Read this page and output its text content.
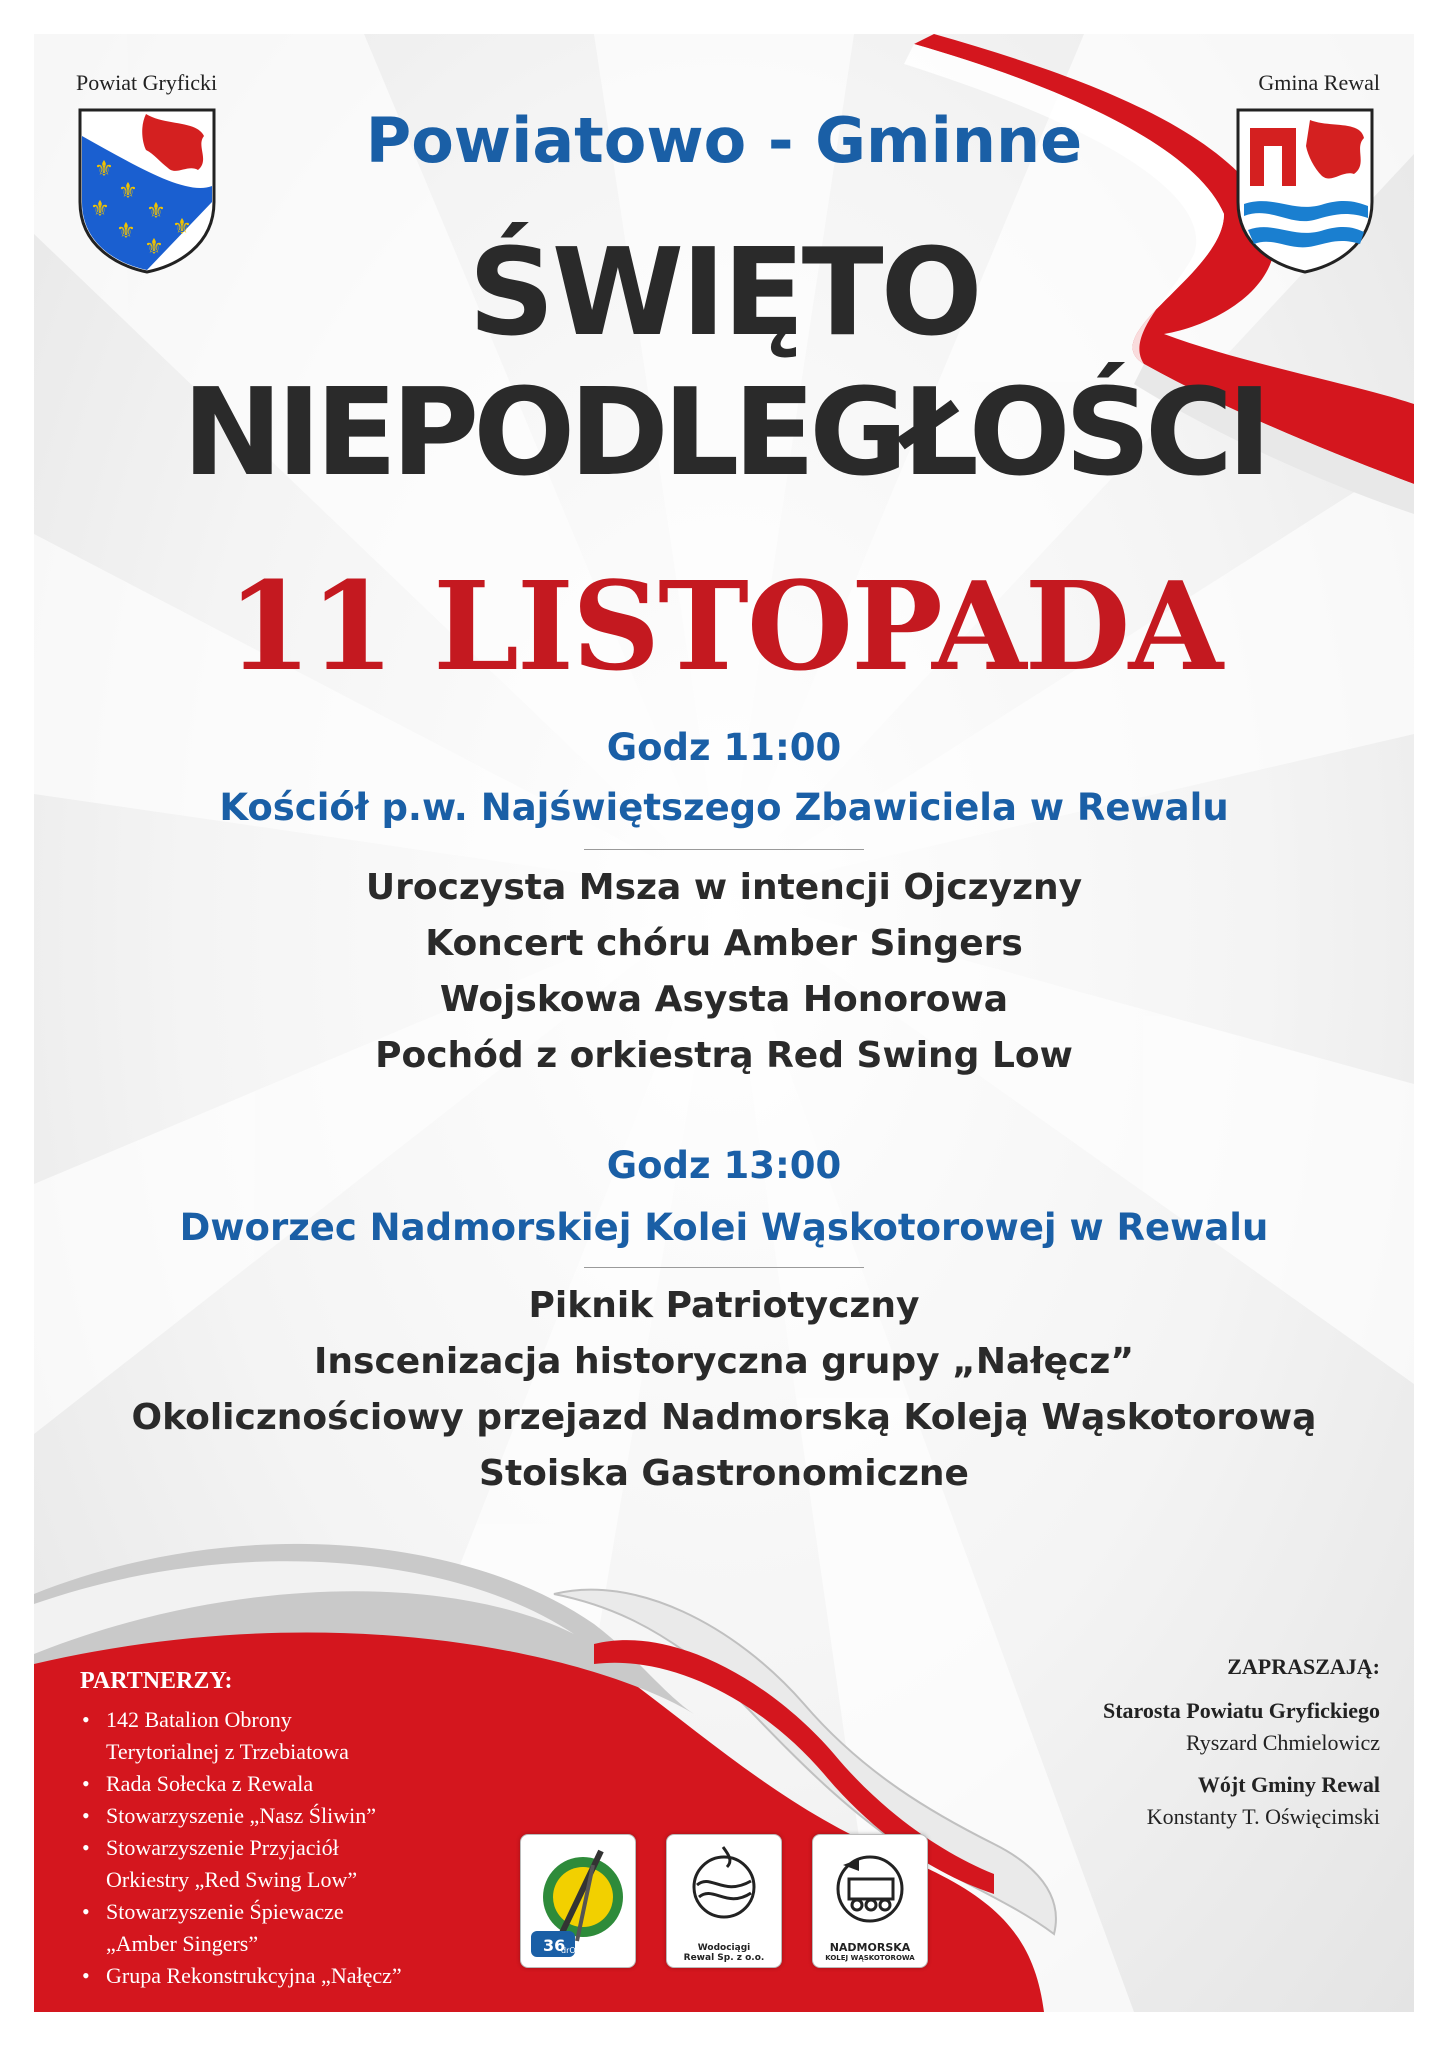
Powiat Gryficki
⚜
⚜
⚜
⚜
⚜
⚜
⚜
Gmina Rewal
Powiatowo - Gminne
ŚWIĘTO
NIEPODLEGŁOŚCI
11 LISTOPADA
Godz 11:00
Kościół p.w. Najświętszego Zbawiciela w Rewalu
Uroczysta Msza w intencji Ojczyzny
Koncert chóru Amber Singers
Wojskowa Asysta Honorowa
Pochód z orkiestrą Red Swing Low
Godz 13:00
Dworzec Nadmorskiej Kolei Wąskotorowej w Rewalu
Piknik Patriotyczny
Inscenizacja historyczna grupy „Nałęcz”
Okolicznościowy przejazd Nadmorską Koleją Wąskotorową
Stoiska Gastronomiczne
PARTNERZY:
• 142 Batalion Obrony
Terytorialnej z Trzebiatowa
• Rada Sołecka z Rewala
• Stowarzyszenie „Nasz Śliwin”
• Stowarzyszenie Przyjaciół
Orkiestry „Red Swing Low”
• Stowarzyszenie Śpiewacze
„Amber Singers”
• Grupa Rekonstrukcyjna „Nałęcz”
ZAPRASZAJĄ:
Starosta Powiatu Gryfickiego
Ryszard Chmielowicz
Wójt Gminy Rewal
Konstanty T. Oświęcimski
36
drOP	Wodociągi
Rewal Sp. z o.o.
NADMORSKA
KOLEJ WĄSKOTOROWA
